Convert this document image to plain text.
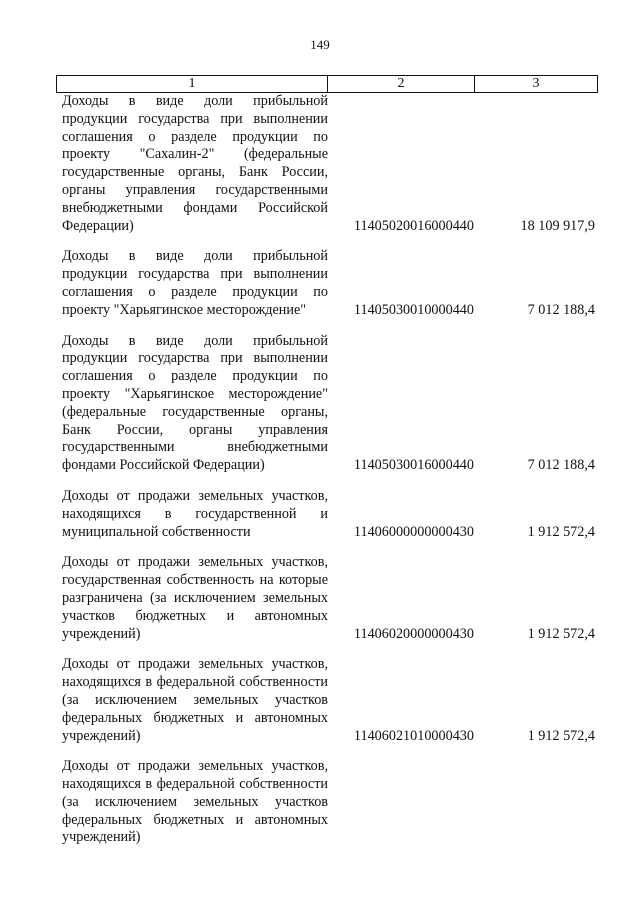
149
1	2	3
Доходы в виде доли прибыльной продукции государства при выполнении соглашения о разделе продукции по проекту "Сахалин-2" (федеральные государственные органы, Банк России, органы управления государственными внебюджетными фондами Российской Федерации)	11405020016000440	18 109 917,9
Доходы в виде доли прибыльной продукции государства при выполнении соглашения о разделе продукции по проекту "Харьягинское месторождение"	11405030010000440	7 012 188,4
Доходы в виде доли прибыльной продукции государства при выполнении соглашения о разделе продукции по проекту "Харьягинское месторождение" (федеральные государственные органы, Банк России, органы управления государственными внебюджетными фондами Российской Федерации)	11405030016000440	7 012 188,4
Доходы от продажи земельных участков, находящихся в государственной и муниципальной собственности	11406000000000430	1 912 572,4
Доходы от продажи земельных участков, государственная собственность на которые разграничена (за исключением земельных участков бюджетных и автономных учреждений)	11406020000000430	1 912 572,4
Доходы от продажи земельных участков, находящихся в федеральной собственности (за исключением земельных участков федеральных бюджетных и автономных учреждений)	11406021010000430	1 912 572,4
Доходы от продажи земельных участков, находящихся в федеральной собственности (за исключением земельных участков федеральных бюджетных и автономных учреждений)
